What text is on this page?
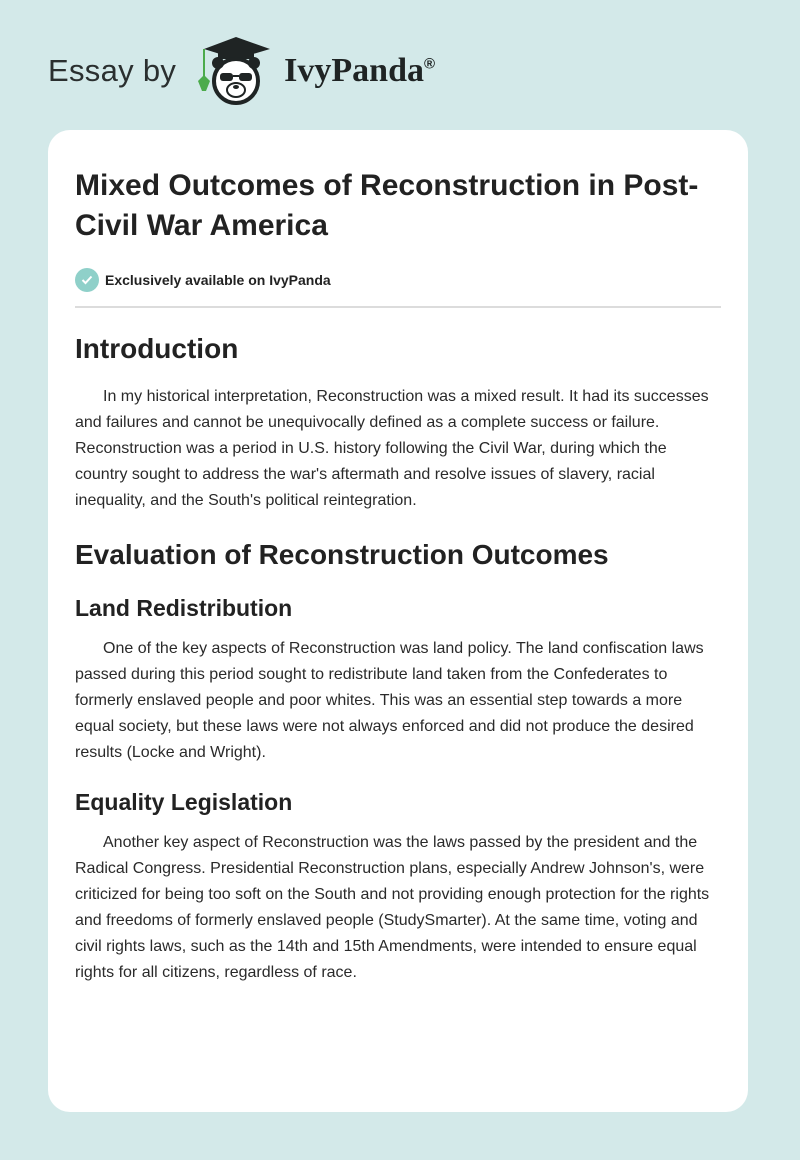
Essay by	IvyPanda®
Mixed Outcomes of Reconstruction in Post-Civil War America
Exclusively available on IvyPanda
Introduction

In my historical interpretation, Reconstruction was a mixed result. It had its successes and failures and cannot be unequivocally defined as a complete success or failure. Reconstruction was a period in U.S. history following the Civil War, during which the country sought to address the war's aftermath and resolve issues of slavery, racial inequality, and the South's political reintegration.

Evaluation of Reconstruction Outcomes
Land Redistribution

One of the key aspects of Reconstruction was land policy. The land confiscation laws passed during this period sought to redistribute land taken from the Confederates to formerly enslaved people and poor whites. This was an essential step towards a more equal society, but these laws were not always enforced and did not produce the desired results (Locke and Wright).

Equality Legislation

Another key aspect of Reconstruction was the laws passed by the president and the Radical Congress. Presidential Reconstruction plans, especially Andrew Johnson's, were criticized for being too soft on the South and not providing enough protection for the rights and freedoms of formerly enslaved people (StudySmarter). At the same time, voting and civil rights laws, such as the 14th and 15th Amendments, were intended to ensure equal rights for all citizens, regardless of race.
